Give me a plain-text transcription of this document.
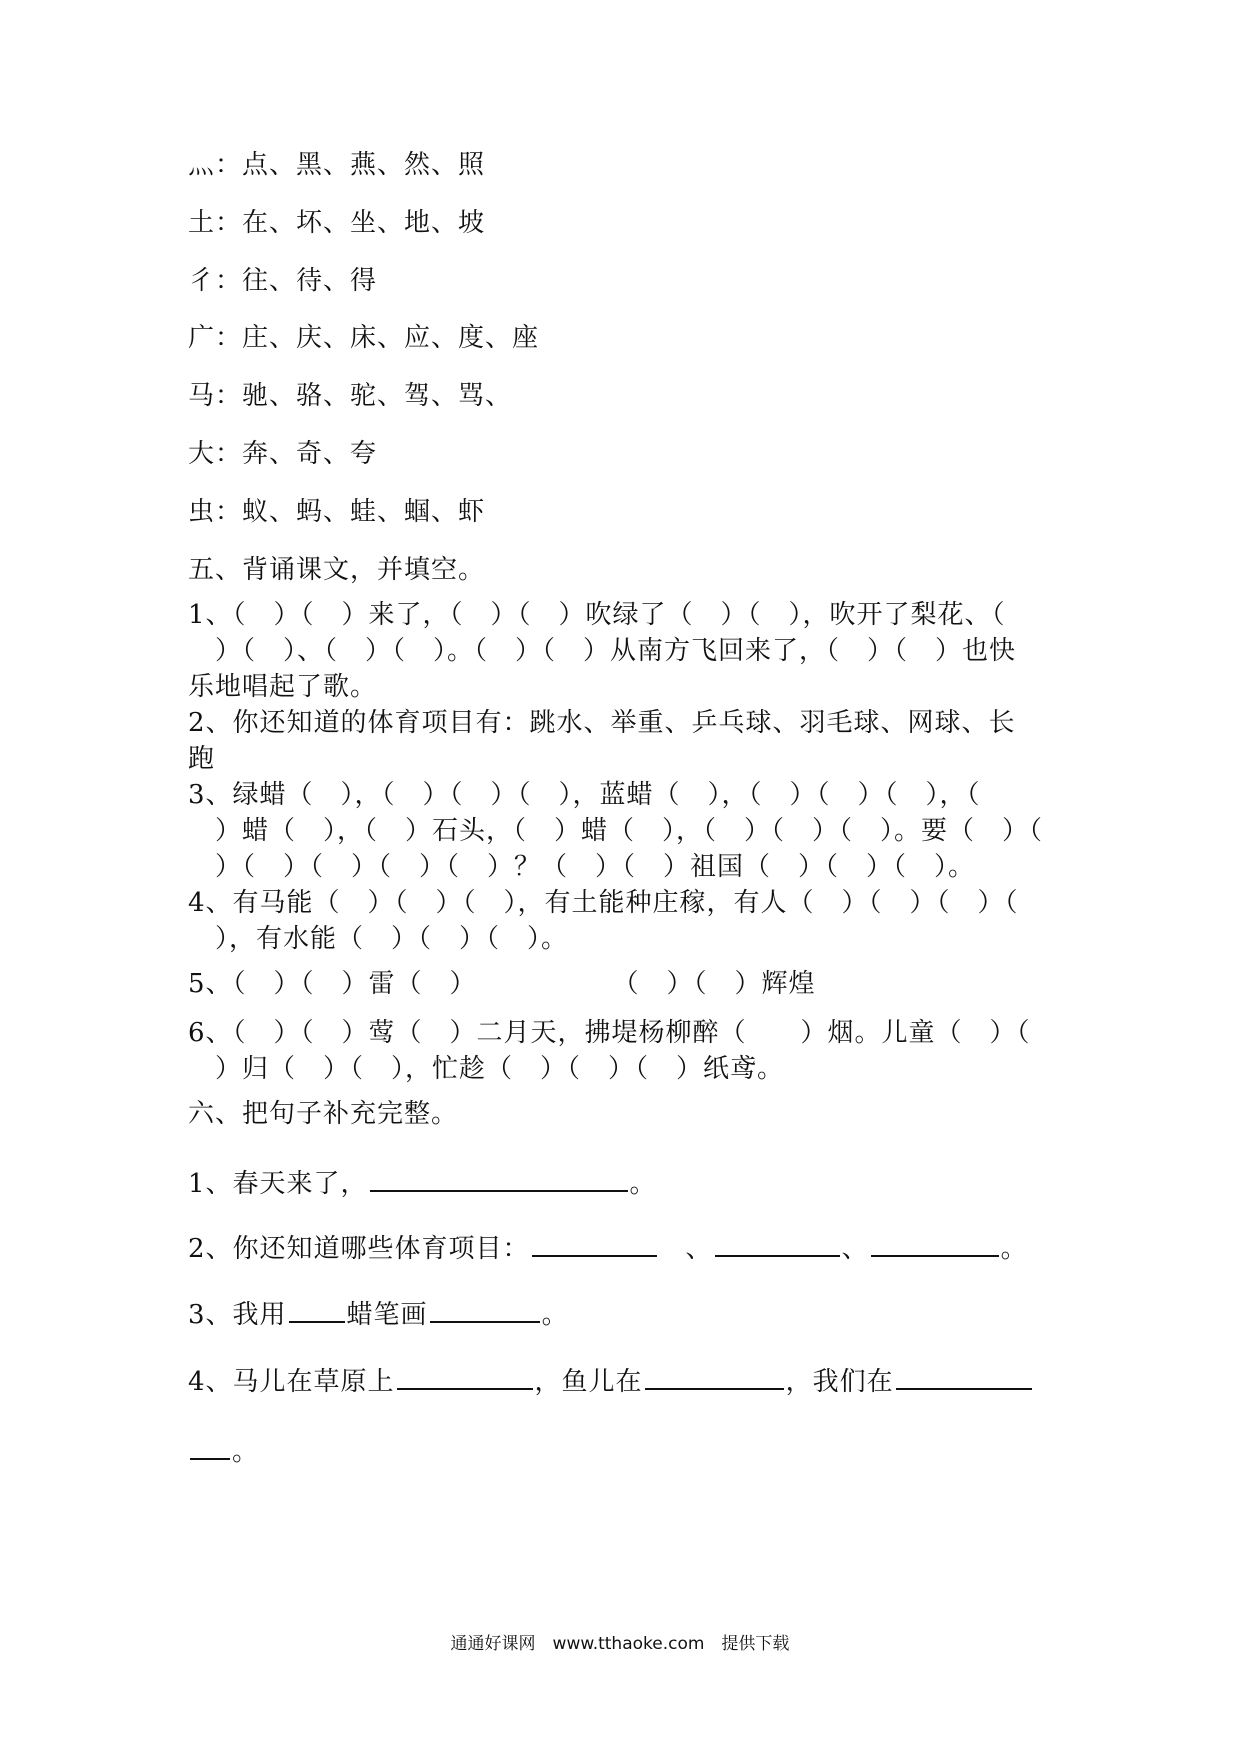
灬：点、黑、燕、然、照
土：在、坏、坐、地、坡
彳：往、待、得
广：庄、庆、床、应、度、座
马：驰、骆、驼、驾、骂、
大：奔、奇、夸
虫：蚁、蚂、蛙、蝈、虾
五、背诵课文，并填空。
1、（　）（　）来了，（　）（　）吹绿了（　）（　），吹开了梨花、（
　）（　）、（　）（　）。（　）（　）从南方飞回来了，（　）（　）也快
乐地唱起了歌。
2、你还知道的体育项目有：跳水、举重、乒乓球、羽毛球、网球、长
跑
3、绿蜡（　），（　）（　）（　），蓝蜡（　），（　）（　）（　），（
　）蜡（　），（　）石头，（　）蜡（　），（　）（　）（　）。要（　）（
　）（　）（　）（　）（　）？（　）（　）祖国（　）（　）（　）。
4、有马能（　）（　）（　），有土能种庄稼，有人（　）（　）（　）（
　），有水能（　）（　）（　）。
5、（　）（　）雷（　）　　　　　　（　）（　）辉煌
6、（　）（　）莺（　）二月天，拂堤杨柳醉（　　）烟。儿童（　）（
　）归（　）（　），忙趁（　）（　）（　）纸鸢。
六、把句子补充完整。
1、春天来了，	。
2、你还知道哪些体育项目：	　、	、	。
3、我用 蜡笔画	。
4、马儿在草原上	，鱼儿在	，我们在
。
通通好课网　www.tthaoke.com　提供下载
